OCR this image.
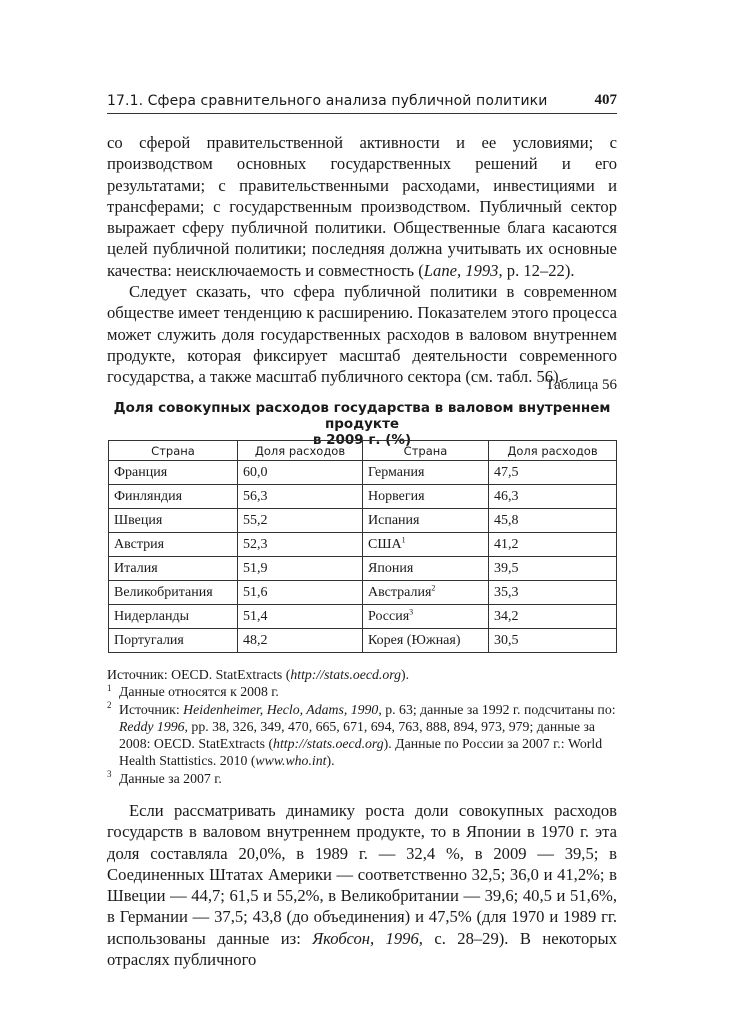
17.1. Сфера сравнительного анализа публичной политики	407

со сферой правительственной активности и ее условиями; с производством основных государственных решений и его результатами; с правительственными расходами, инвестициями и трансферами; с государственным производством. Публичный сектор выражает сферу публичной политики. Общественные блага касаются целей публичной политики; последняя должна учитывать их основные качества: неисключаемость и совместность (Lane, 1993, p. 12–22).

Следует сказать, что сфера публичной политики в современном обществе имеет тенденцию к расширению. Показателем этого процесса может служить доля государственных расходов в валовом внутреннем продукте, которая фиксирует масштаб деятельности современного государства, а также масштаб публичного сектора (см. табл. 56).

Таблица 56
Доля совокупных расходов государства в валовом внутреннем продукте
в 2009 г. (%)
Страна	Доля расходов	Страна	Доля расходов
Франция	60,0	Германия	47,5
Финляндия	56,3	Норвегия	46,3
Швеция	55,2	Испания	45,8
Австрия	52,3	США$^1$	41,2
Италия	51,9	Япония	39,5
Великобритания	51,6	Австралия$^2$	35,3
Нидерланды	51,4	Россия$^3$	34,2
Португалия	48,2	Корея (Южная)	30,5

Источник: OECD. StatExtracts (http://stats.oecd.org).

1 Данные относятся к 2008 г.

2 Источник: Heidenheimer, Heclo, Adams, 1990, p. 63; данные за 1992 г. подсчитаны по: Reddy 1996, pp. 38, 326, 349, 470, 665, 671, 694, 763, 888, 894, 973, 979; данные за 2008: OECD. StatExtracts (http://stats.oecd.org). Данные по России за 2007 г.: World Health Stattistics. 2010 (www.who.int).

3 Данные за 2007 г.

Если рассматривать динамику роста доли совокупных расходов государств в валовом внутреннем продукте, то в Японии в 1970 г. эта доля составляла 20,0%, в 1989 г. — 32,4 %, в 2009 — 39,5; в Соединенных Штатах Америки — соответственно 32,5; 36,0 и 41,2%; в Швеции — 44,7; 61,5 и 55,2%, в Великобритании — 39,6; 40,5 и 51,6%, в Германии — 37,5; 43,8 (до объединения) и 47,5% (для 1970 и 1989 гг. использованы данные из: Якобсон, 1996, с. 28–29). В некоторых отраслях публичного
